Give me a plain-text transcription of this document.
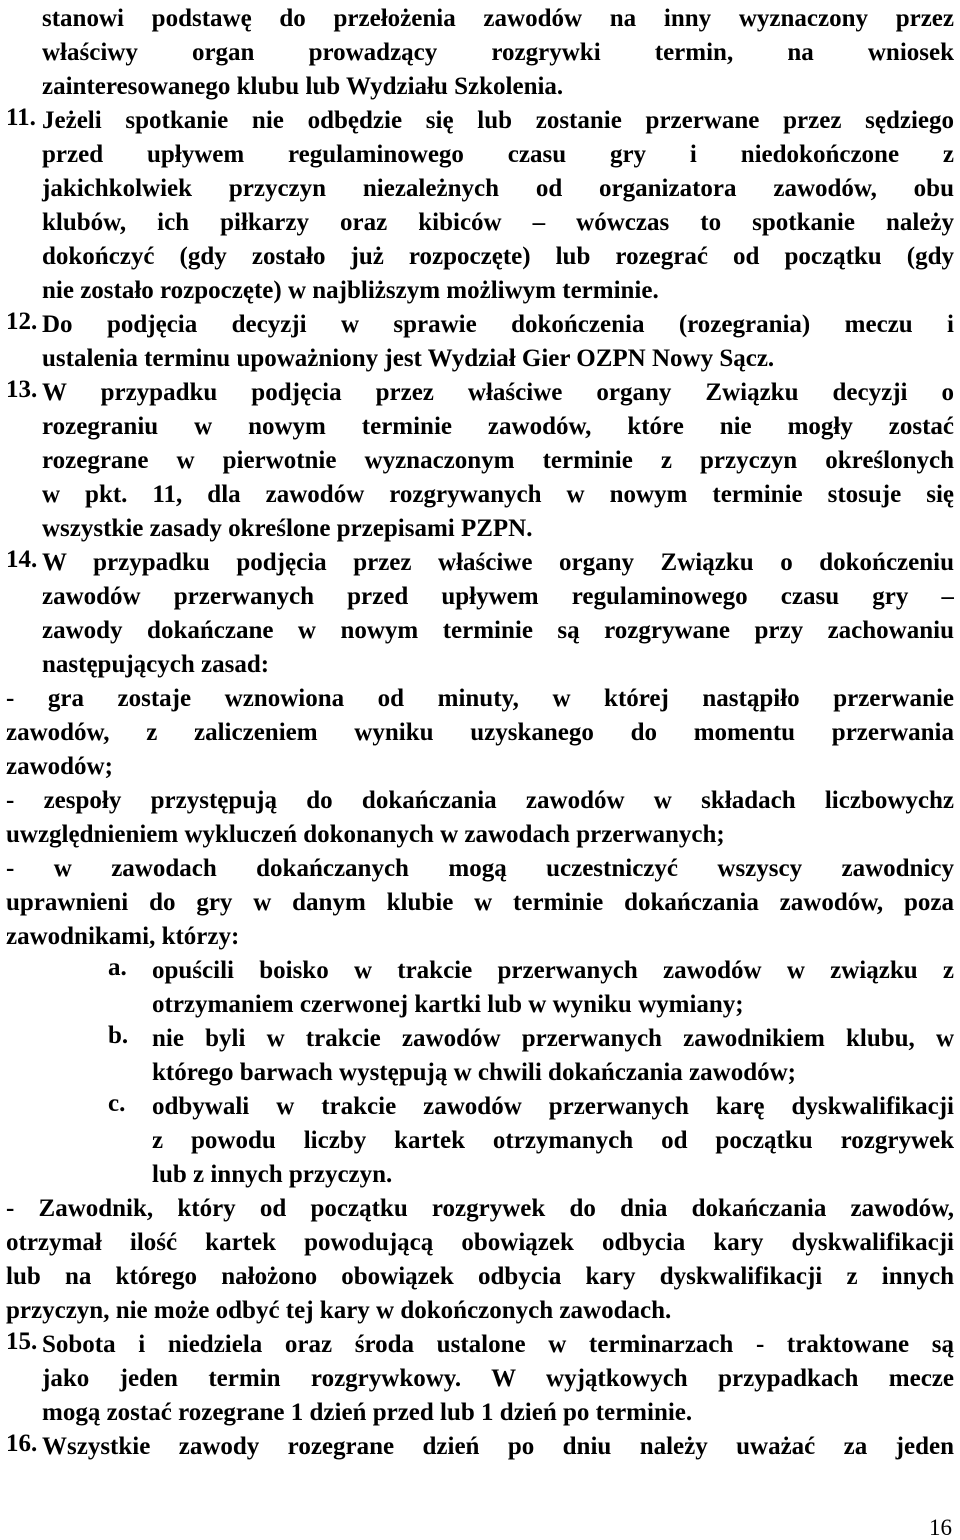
stanowi podstawę do przełożenia zawodów na inny wyznaczony przez
właściwy organ prowadzący rozgrywki termin, na wniosek
zainteresowanego klubu lub Wydziału Szkolenia.
11. Jeżeli spotkanie nie odbędzie się lub zostanie przerwane przez sędziego
przed upływem regulaminowego czasu gry i niedokończone z
jakichkolwiek przyczyn niezależnych od organizatora zawodów, obu
klubów, ich piłkarzy oraz kibiców – wówczas to spotkanie należy
dokończyć (gdy zostało już rozpoczęte) lub rozegrać od początku (gdy
nie zostało rozpoczęte) w najbliższym możliwym terminie.
12. Do podjęcia decyzji w sprawie dokończenia (rozegrania) meczu i
ustalenia terminu upoważniony jest Wydział Gier OZPN Nowy Sącz.
13. W przypadku podjęcia przez właściwe organy Związku decyzji o
rozegraniu w nowym terminie zawodów, które nie mogły zostać
rozegrane w pierwotnie wyznaczonym terminie z przyczyn określonych
w pkt. 11, dla zawodów rozgrywanych w nowym terminie stosuje się
wszystkie zasady określone przepisami PZPN.
14. W przypadku podjęcia przez właściwe organy Związku o dokończeniu
zawodów przerwanych przed upływem regulaminowego czasu gry –
zawody dokańczane w nowym terminie są rozgrywane przy zachowaniu
następujących zasad:
- gra zostaje wznowiona od minuty, w której nastąpiło przerwanie
zawodów, z zaliczeniem wyniku uzyskanego do momentu przerwania
zawodów;
- zespoły przystępują do dokańczania zawodów w składach liczbowychz
uwzględnieniem wykluczeń dokonanych w zawodach przerwanych;
- w zawodach dokańczanych mogą uczestniczyć wszyscy zawodnicy
uprawnieni do gry w danym klubie w terminie dokańczania zawodów, poza
zawodnikami, którzy:
a.	opuścili boisko w trakcie przerwanych zawodów w związku z
otrzymaniem czerwonej kartki lub w wyniku wymiany;
b. nie byli w trakcie zawodów przerwanych zawodnikiem klubu, w
którego barwach występują w chwili dokańczania zawodów;
c.	odbywali w trakcie zawodów przerwanych karę dyskwalifikacji
z powodu liczby kartek otrzymanych od początku rozgrywek
lub z innych przyczyn.
- Zawodnik, który od początku rozgrywek do dnia dokańczania zawodów,
otrzymał ilość kartek powodującą obowiązek odbycia kary dyskwalifikacji
lub na którego nałożono obowiązek odbycia kary dyskwalifikacji z innych
przyczyn, nie może odbyć tej kary w dokończonych zawodach.
15. Sobota i niedziela oraz środa ustalone w terminarzach - traktowane są
jako jeden termin rozgrywkowy. W wyjątkowych przypadkach mecze
mogą zostać rozegrane 1 dzień przed lub 1 dzień po terminie.
16. Wszystkie zawody rozegrane dzień po dniu należy uważać za jeden
16
